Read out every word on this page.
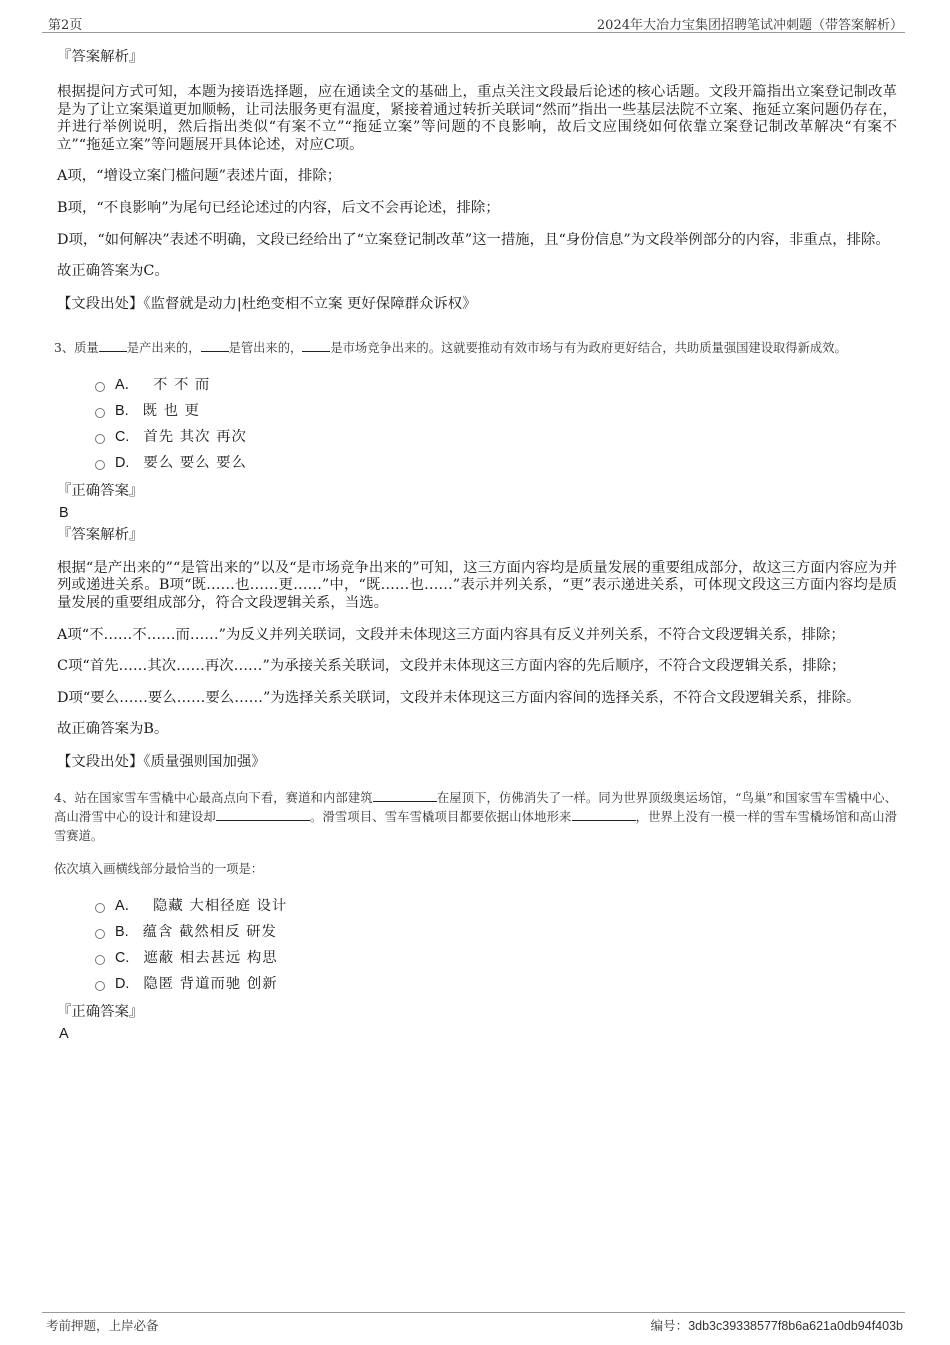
第2页	2024年大冶力宝集团招聘笔试冲刺题（带答案解析）
『答案解析』

根据提问方式可知，本题为接语选择题，应在通读全文的基础上，重点关注文段最后论述的核心话题。文段开篇指出立案登记制改革是为了让立案渠道更加顺畅，让司法服务更有温度，紧接着通过转折关联词“然而”指出一些基层法院不立案、拖延立案问题仍存在，并进行举例说明，然后指出类似“有案不立”“拖延立案”等问题的不良影响，故后文应围绕如何依靠立案登记制改革解决“有案不立”“拖延立案”等问题展开具体论述，对应C项。

A项，“增设立案门槛问题”表述片面，排除；

B项，“不良影响”为尾句已经论述过的内容，后文不会再论述，排除；

D项，“如何解决”表述不明确，文段已经给出了“立案登记制改革”这一措施，且“身份信息”为文段举例部分的内容，非重点，排除。

故正确答案为C。

【文段出处】《监督就是动力|杜绝变相不立案 更好保障群众诉权》
3、质量 是产出来的， 是管出来的， 是市场竞争出来的。这就要推动有效市场与有为政府更好结合，共助质量强国建设取得新成效。
A． 不 不 而
B. 既 也 更
C. 首先 其次 再次
D. 要么 要么 要么
『正确答案』
B
『答案解析』

根据“是产出来的”“是管出来的”以及“是市场竞争出来的”可知，这三方面内容均是质量发展的重要组成部分，故这三方面内容应为并列或递进关系。B项“既……也……更……”中，“既……也……”表示并列关系，“更”表示递进关系，可体现文段这三方面内容均是质量发展的重要组成部分，符合文段逻辑关系，当选。

A项“不……不……而……”为反义并列关联词，文段并未体现这三方面内容具有反义并列关系，不符合文段逻辑关系，排除；

C项“首先……其次……再次……”为承接关系关联词，文段并未体现这三方面内容的先后顺序，不符合文段逻辑关系，排除；

D项“要么……要么……要么……”为选择关系关联词，文段并未体现这三方面内容间的选择关系，不符合文段逻辑关系，排除。

故正确答案为B。

【文段出处】《质量强则国加强》
4、站在国家雪车雪橇中心最高点向下看，赛道和内部建筑	在屋顶下，仿佛消失了一样。同为世界顶级奥运场馆，“鸟巢”和国家雪车雪橇中心、高山滑雪中心的设计和建设却	。滑雪项目、雪车雪橇项目都要依据山体地形来	，世界上没有一模一样的雪车雪橇场馆和高山滑雪赛道。
依次填入画横线部分最恰当的一项是：
A． 隐藏 大相径庭 设计
B. 蕴含 截然相反 研发
C. 遮蔽 相去甚远 构思
D. 隐匿 背道而驰 创新
『正确答案』
A
考前押题，上岸必备	编号：3db3c39338577f8b6a621a0db94f403b
